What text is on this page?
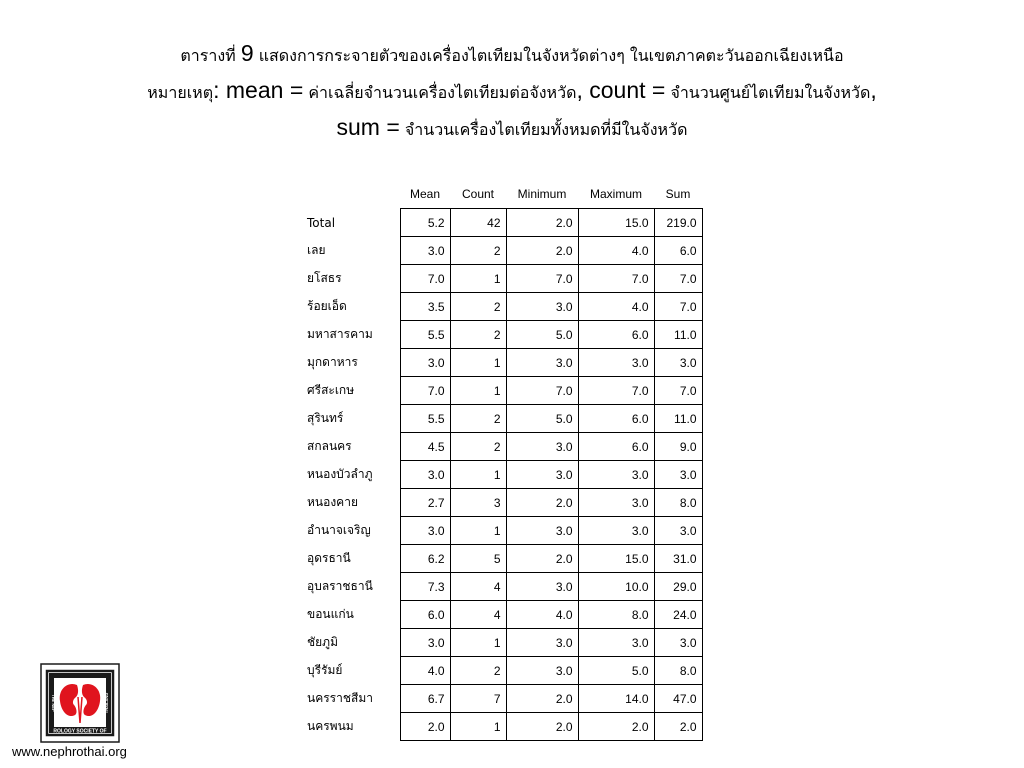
ตารางที่ 9 แสดงการกระจายตัวของเครื่องไตเทียมในจังหวัดต่างๆ ในเขตภาคตะวันออกเฉียงเหนือ

หมายเหตุ: mean = ค่าเฉลี่ยจำนวนเครื่องไตเทียมต่อจังหวัด, count = จำนวนศูนย์ไตเทียมในจังหวัด,

sum = จำนวนเครื่องไตเทียมทั้งหมดที่มีในจังหวัด

	Mean	Count	Minimum	Maximum	Sum
Total	5.2	42	2.0	15.0	219.0
เลย	3.0	2	2.0	4.0	6.0
ยโสธร	7.0	1	7.0	7.0	7.0
ร้อยเอ็ด	3.5	2	3.0	4.0	7.0
มหาสารคาม	5.5	2	5.0	6.0	11.0
มุกดาหาร	3.0	1	3.0	3.0	3.0
ศรีสะเกษ	7.0	1	7.0	7.0	7.0
สุรินทร์	5.5	2	5.0	6.0	11.0
สกลนคร	4.5	2	3.0	6.0	9.0
หนองบัวลำภู	3.0	1	3.0	3.0	3.0
หนองคาย	2.7	3	2.0	3.0	8.0
อำนาจเจริญ	3.0	1	3.0	3.0	3.0
อุดรธานี	6.2	5	2.0	15.0	31.0
อุบลราชธานี	7.3	4	3.0	10.0	29.0
ขอนแก่น	6.0	4	4.0	8.0	24.0
ชัยภูมิ	3.0	1	3.0	3.0	3.0
บุรีรัมย์	4.0	2	3.0	5.0	8.0
นครราชสีมา	6.7	7	2.0	14.0	47.0
นครพนม	2.0	1	2.0	2.0	2.0
ROLOGY SOCIETY OF
THE NEP	THAILAND
www.nephrothai.org
